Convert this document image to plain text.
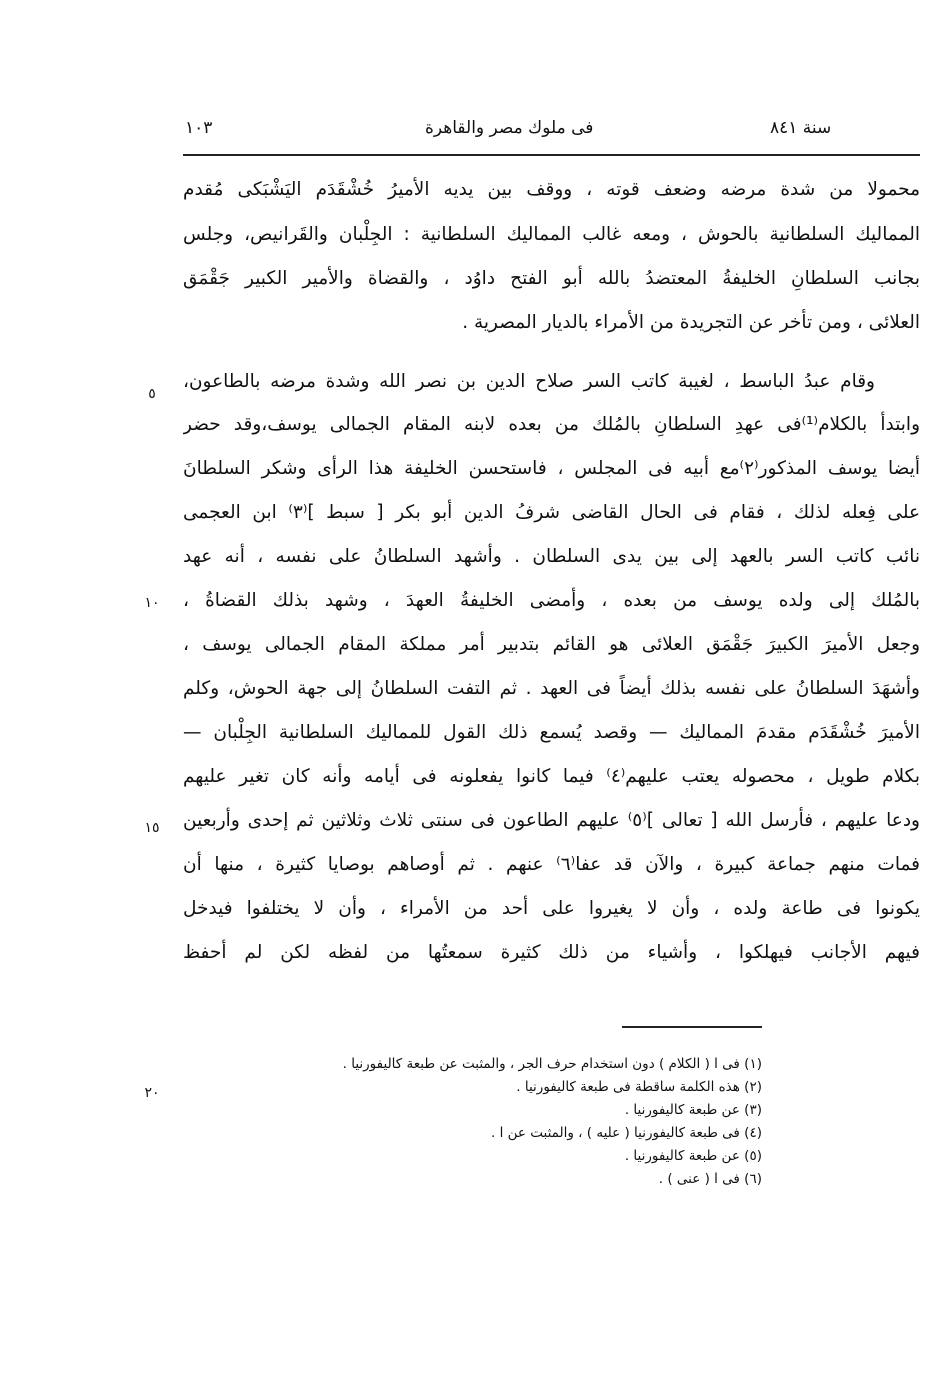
سنة ٨٤١
فى ملوك مصر والقاهرة
١٠٣
محمولا من شدة مرضه وضعف قوته ، ووقف بين يديه الأميرُ خُشْقَدَم اليَشْبَكى مُقدم
المماليك السلطانية بالحوش ، ومعه غالب المماليك السلطانية : الجِلْبان والقَرانيص، وجلس
بجانب السلطانِ الخليفةُ المعتضدُ بالله أبو الفتح داوُد ، والقضاة والأمير الكبير جَقْمَق
العلائى ، ومن تأخر عن التجريدة من الأمراء بالديار المصرية .
وقام عبدُ الباسط ، لغيبة كاتب السر صلاح الدين بن نصر الله وشدة مرضه بالطاعون،
وابتدأ بالكلام⁽¹⁾فى عهدِ السلطانِ بالمُلك من بعده لابنه المقام الجمالى يوسف،وقد حضر
أيضا يوسف المذكور⁽٢⁾مع أبيه فى المجلس ، فاستحسن الخليفة هذا الرأى وشكر السلطانَ
على فِعله لذلك ، فقام فى الحال القاضى شرفُ الدين أبو بكر [ سبط ]⁽٣⁾ ابن العجمى
نائب كاتب السر بالعهد إلى بين يدى السلطان . وأشهد السلطانُ على نفسه ، أنه عهد
بالمُلك إلى ولده يوسف من بعده ، وأمضى الخليفةُ العهدَ ، وشهد بذلك القضاةُ ،
وجعل الأميرَ الكبيرَ جَقْمَق العلائى هو القائم بتدبير أمر مملكة المقام الجمالى يوسف ،
وأشهَدَ السلطانُ على نفسه بذلك أيضاً فى العهد . ثم التفت السلطانُ إلى جهة الحوش، وكلم
الأميرَ خُشْقَدَم مقدمَ المماليك — وقصد يُسمع ذلك القول للمماليك السلطانية الجِلْبان —
بكلام طويل ، محصوله يعتب عليهم⁽٤⁾ فيما كانوا يفعلونه فى أيامه وأنه كان تغير عليهم
ودعا عليهم ، فأرسل الله [ تعالى ]⁽٥⁾ عليهم الطاعون فى سنتى ثلاث وثلاثين ثم إحدى وأربعين
فمات منهم جماعة كبيرة ، والآن قد عفا⁽٦⁾ عنهم . ثم أوصاهم بوصايا كثيرة ، منها أن
يكونوا فى طاعة ولده ، وأن لا يغيروا على أحد من الأمراء ، وأن لا يختلفوا فيدخل
فيهم الأجانب فيهلكوا ، وأشياء من ذلك كثيرة سمعتُها من لفظه لكن لم أحفظ
٥
١٠
١٥
٢٠
(١) فى ا ( الكلام ) دون استخدام حرف الجر ، والمثبت عن طبعة كاليفورنيا .
(٢) هذه الكلمة ساقطة فى طبعة كاليفورنيا .
(٣) عن طبعة كاليفورنيا .
(٤) فى طبعة كاليفورنيا ( عليه ) ، والمثبت عن ا .
(٥) عن طبعة كاليفورنيا .
(٦) فى ا ( عنى ) .
